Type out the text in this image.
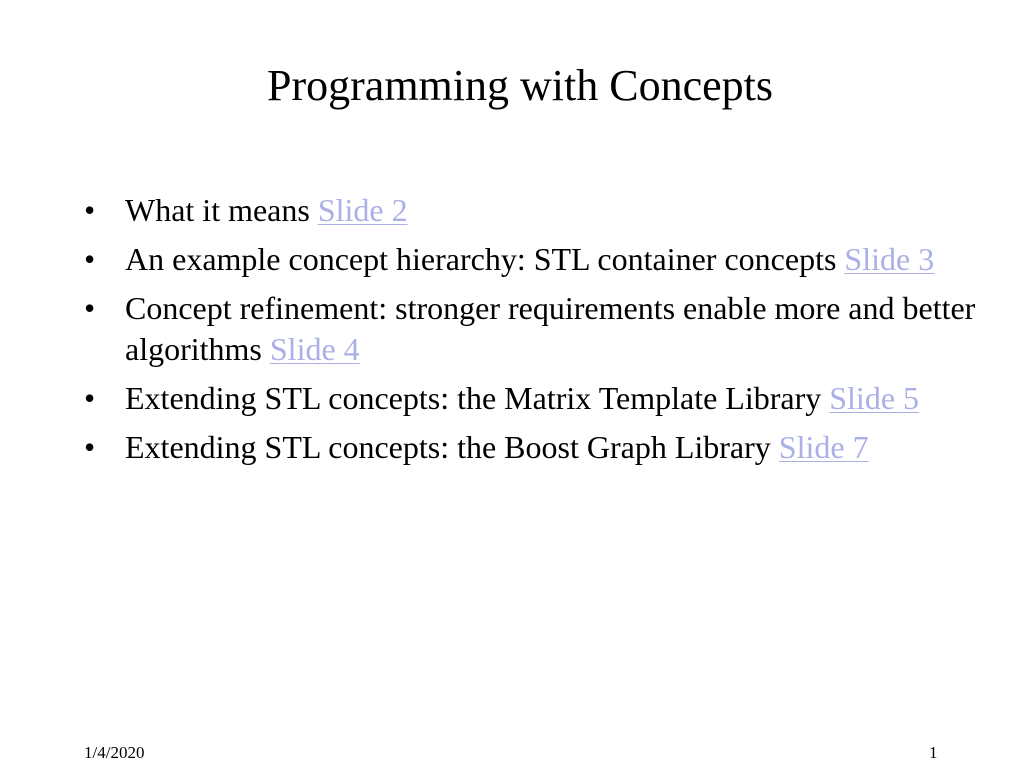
Programming with Concepts
• What it means Slide 2
• An example concept hierarchy: STL container concepts Slide 3
• Concept refinement: stronger requirements enable more and better algorithms Slide 4
• Extending STL concepts: the Matrix Template Library Slide 5
• Extending STL concepts: the Boost Graph Library Slide 7
1/4/2020	1
